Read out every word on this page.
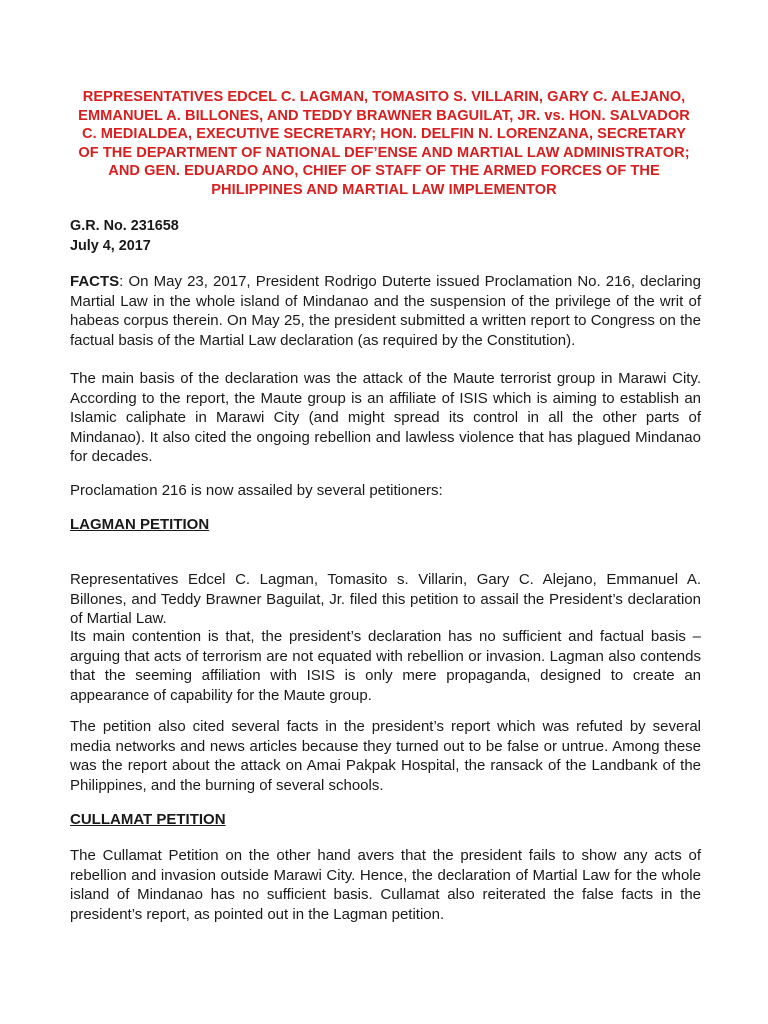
REPRESENTATIVES EDCEL C. LAGMAN, TOMASITO S. VILLARIN, GARY C. ALEJANO, EMMANUEL A. BILLONES, AND TEDDY BRAWNER BAGUILAT, JR. vs. HON. SALVADOR C. MEDIALDEA, EXECUTIVE SECRETARY; HON. DELFIN N. LORENZANA, SECRETARY OF THE DEPARTMENT OF NATIONAL DEF’ENSE AND MARTIAL LAW ADMINISTRATOR; AND GEN. EDUARDO ANO, CHIEF OF STAFF OF THE ARMED FORCES OF THE PHILIPPINES AND MARTIAL LAW IMPLEMENTOR
G.R. No. 231658
July 4, 2017

FACTS: On May 23, 2017, President Rodrigo Duterte issued Proclamation No. 216, declaring Martial Law in the whole island of Mindanao and the suspension of the privilege of the writ of habeas corpus therein. On May 25, the president submitted a written report to Congress on the factual basis of the Martial Law declaration (as required by the Constitution).

The main basis of the declaration was the attack of the Maute terrorist group in Marawi City. According to the report, the Maute group is an affiliate of ISIS which is aiming to establish an Islamic caliphate in Marawi City (and might spread its control in all the other parts of Mindanao). It also cited the ongoing rebellion and lawless violence that has plagued Mindanao for decades.

Proclamation 216 is now assailed by several petitioners:

LAGMAN PETITION

Representatives Edcel C. Lagman, Tomasito s. Villarin, Gary C. Alejano, Emmanuel A. Billones, and Teddy Brawner Baguilat, Jr. filed this petition to assail the President’s declaration of Martial Law.

Its main contention is that, the president’s declaration has no sufficient and factual basis – arguing that acts of terrorism are not equated with rebellion or invasion. Lagman also contends that the seeming affiliation with ISIS is only mere propaganda, designed to create an appearance of capability for the Maute group.

The petition also cited several facts in the president’s report which was refuted by several media networks and news articles because they turned out to be false or untrue. Among these was the report about the attack on Amai Pakpak Hospital, the ransack of the Landbank of the Philippines, and the burning of several schools.

CULLAMAT PETITION

The Cullamat Petition on the other hand avers that the president fails to show any acts of rebellion and invasion outside Marawi City. Hence, the declaration of Martial Law for the whole island of Mindanao has no sufficient basis. Cullamat also reiterated the false facts in the president’s report, as pointed out in the Lagman petition.
